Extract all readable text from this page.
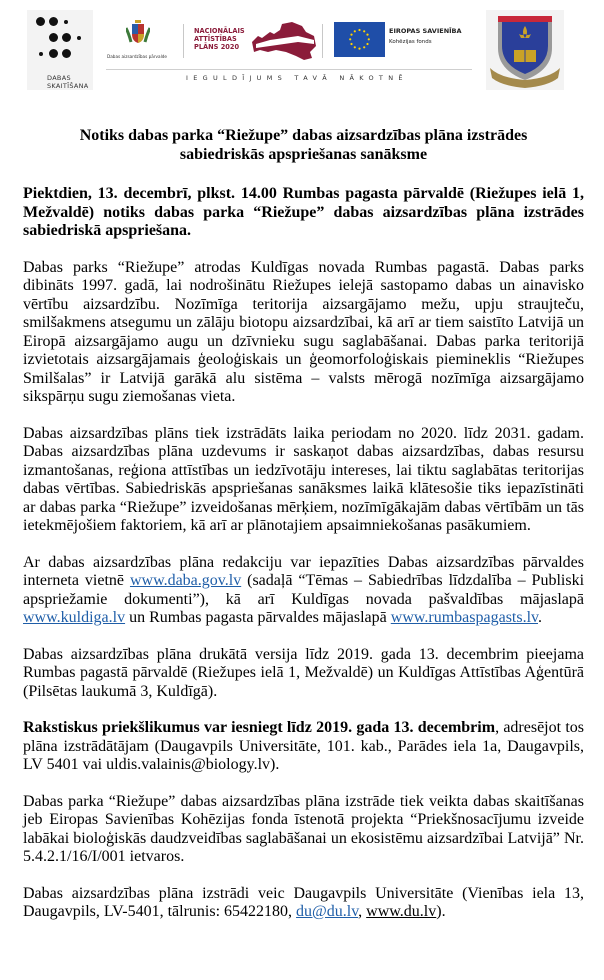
DABAS
SKAITĪŠANA
Dabas aizsardzības pārvalde
NACIONĀLAIS
ATTĪSTĪBAS
PLĀNS 2020
EIROPAS SAVIENĪBA
Kohēzijas fonds
IEGULDĪJUMS TAVĀ NĀKOTNĒ
Notiks dabas parka “Riežupe” dabas aizsardzības plāna izstrādes
sabiedriskās apspriešanas sanāksme

Piektdien, 13. decembrī, plkst. 14.00 Rumbas pagasta pārvaldē (Riežupes ielā 1, Mežvaldē) notiks dabas parka “Riežupe” dabas aizsardzības plāna izstrādes sabiedriskā apspriešana.

Dabas parks “Riežupe” atrodas Kuldīgas novada Rumbas pagastā. Dabas parks dibināts 1997. gadā, lai nodrošinātu Riežupes ielejā sastopamo dabas un ainavisko vērtību aizsardzību. Nozīmīga teritorija aizsargājamo mežu, upju straujteču, smilšakmens atsegumu un zālāju biotopu aizsardzībai, kā arī ar tiem saistīto Latvijā un Eiropā aizsargājamo augu un dzīvnieku sugu saglabāšanai. Dabas parka teritorijā izvietotais aizsargājamais ģeoloģiskais un ģeomorfoloģiskais piemineklis “Riežupes Smilšalas” ir Latvijā garākā alu sistēma – valsts mērogā nozīmīga aizsargājamo sikspārņu sugu ziemošanas vieta.

Dabas aizsardzības plāns tiek izstrādāts laika periodam no 2020. līdz 2031. gadam. Dabas aizsardzības plāna uzdevums ir saskaņot dabas aizsardzības, dabas resursu izmantošanas, reģiona attīstības un iedzīvotāju intereses, lai tiktu saglabātas teritorijas dabas vērtības. Sabiedriskās apspriešanas sanāksmes laikā klātesošie tiks iepazīstināti ar dabas parka “Riežupe” izveidošanas mērķiem, nozīmīgākajām dabas vērtībām un tās ietekmējošiem faktoriem, kā arī ar plānotajiem apsaimniekošanas pasākumiem.

Ar dabas aizsardzības plāna redakciju var iepazīties Dabas aizsardzības pārvaldes interneta vietnē www.daba.gov.lv (sadaļā “Tēmas – Sabiedrības līdzdalība – Publiski apspriežamie dokumenti”), kā arī Kuldīgas novada pašvaldības mājaslapā www.kuldiga.lv un Rumbas pagasta pārvaldes mājaslapā www.rumbaspagasts.lv.

Dabas aizsardzības plāna drukātā versija līdz 2019. gada 13. decembrim pieejama Rumbas pagastā pārvaldē (Riežupes ielā 1, Mežvaldē) un Kuldīgas Attīstības Aģentūrā (Pilsētas laukumā 3, Kuldīgā).

Rakstiskus priekšlikumus var iesniegt līdz 2019. gada 13. decembrim, adresējot tos plāna izstrādātājam (Daugavpils Universitāte, 101. kab., Parādes iela 1a, Daugavpils, LV 5401 vai uldis.valainis@biology.lv).

Dabas parka “Riežupe” dabas aizsardzības plāna izstrāde tiek veikta dabas skaitīšanas jeb Eiropas Savienības Kohēzijas fonda īstenotā projekta “Priekšnosacījumu izveide labākai bioloģiskās daudzveidības saglabāšanai un ekosistēmu aizsardzībai Latvijā” Nr. 5.4.2.1/16/I/001 ietvaros.

Dabas aizsardzības plāna izstrādi veic Daugavpils Universitāte (Vienības iela 13, Daugavpils, LV-5401, tālrunis: 65422180, du@du.lv, www.du.lv).
